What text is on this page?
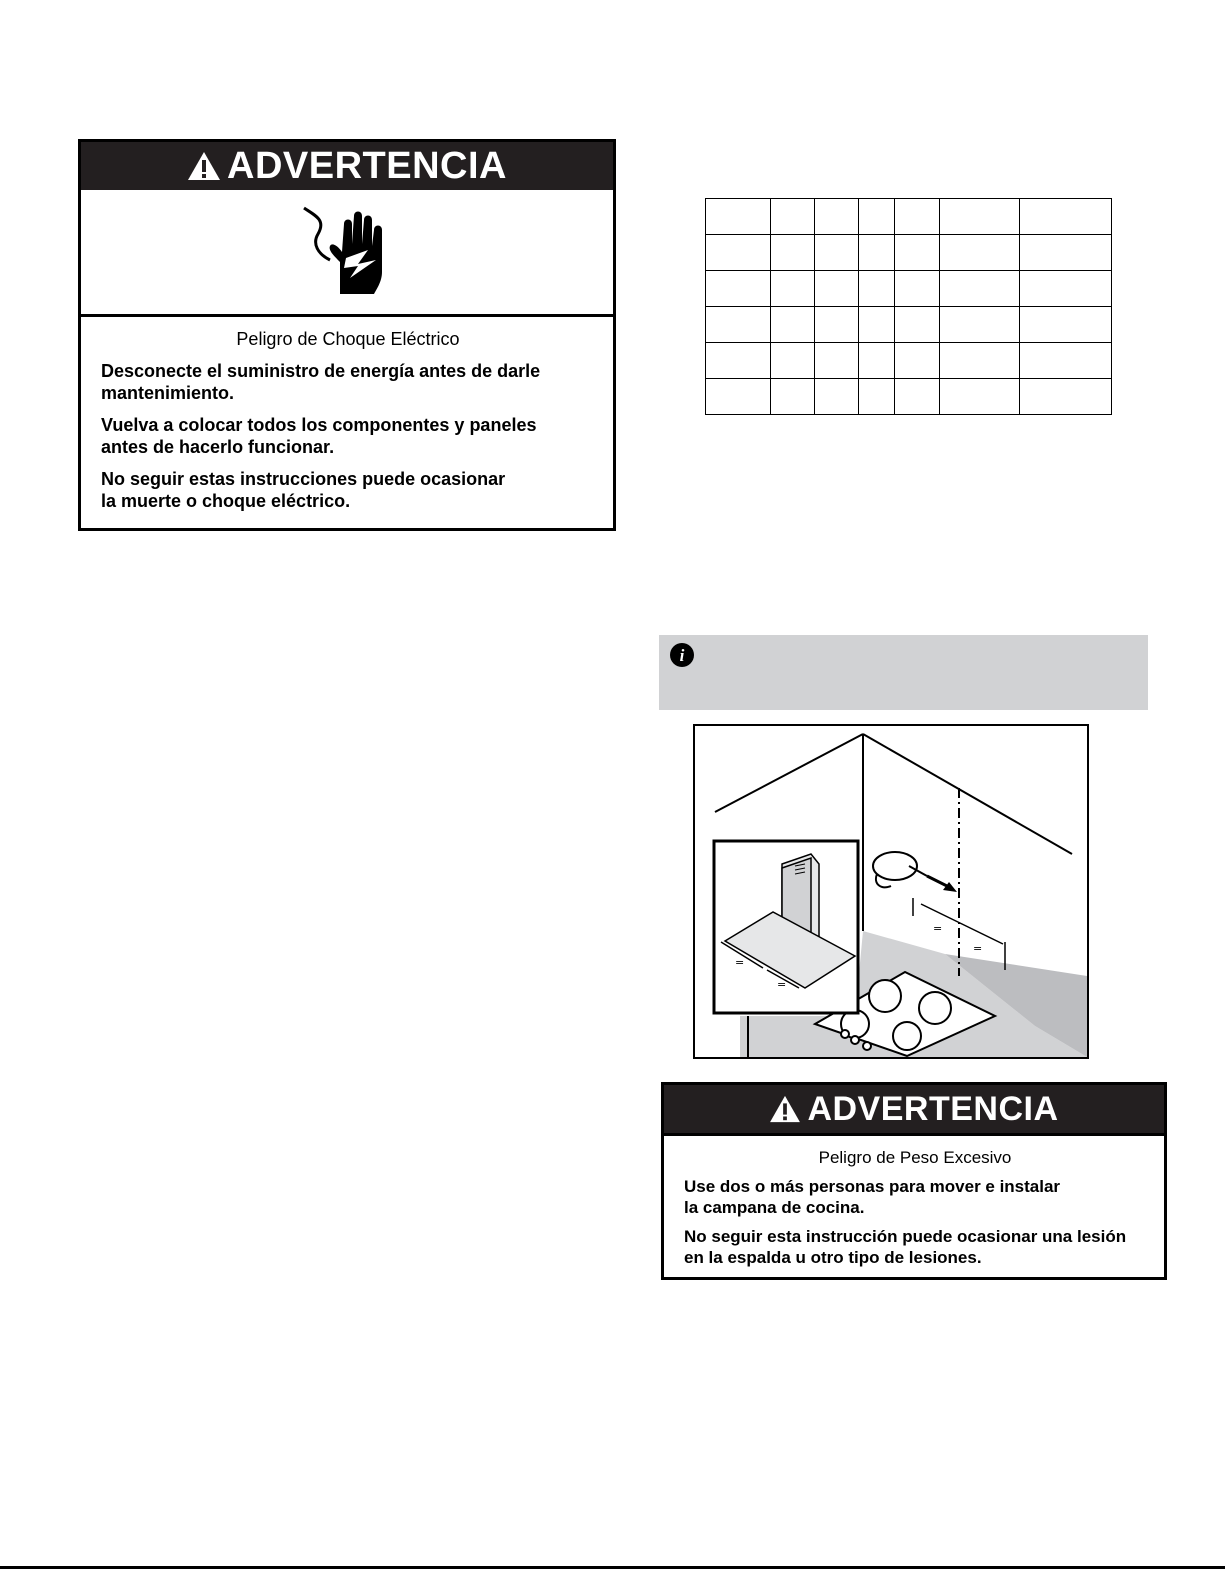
ADVERTENCIA
Peligro de Choque Eléctrico
Desconecte el suministro de energía antes de darle
mantenimiento.
Vuelva a colocar todos los componentes y paneles
antes de hacerlo funcionar.
No seguir estas instrucciones puede ocasionar
la muerte o choque eléctrico.

i
=
=
=
=
ADVERTENCIA
Peligro de Peso Excesivo
Use dos o más personas para mover e instalar
la campana de cocina.
No seguir esta instrucción puede ocasionar una lesión
en la espalda u otro tipo de lesiones.
